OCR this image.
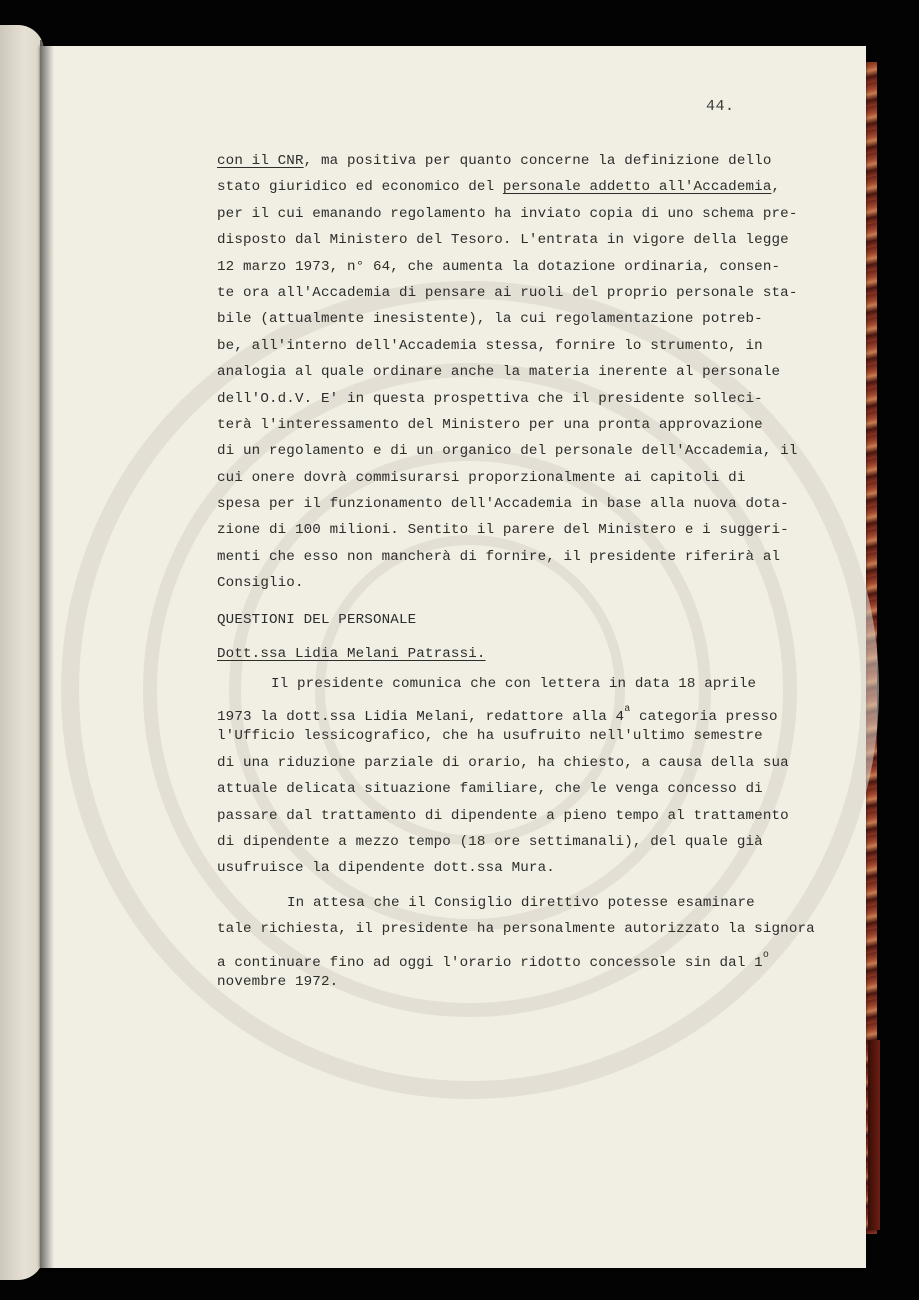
44.
con il CNR, ma positiva per quanto concerne la definizione dello
stato giuridico ed economico del personale addetto all'Accademia,
per il cui emanando regolamento ha inviato copia di uno schema pre-
disposto dal Ministero del Tesoro. L'entrata in vigore della legge
12 marzo 1973, n° 64, che aumenta la dotazione ordinaria, consen-
te ora all'Accademia di pensare ai ruoli del proprio personale sta-
bile (attualmente inesistente), la cui regolamentazione potreb-
be, all'interno dell'Accademia stessa, fornire lo strumento, in
analogia al quale ordinare anche la materia inerente al personale
dell'O.d.V. E' in questa prospettiva che il presidente solleci-
terà l'interessamento del Ministero per una pronta approvazione
di un regolamento e di un organico del personale dell'Accademia, il
cui onere dovrà commisurarsi proporzionalmente ai capitoli di
spesa per il funzionamento dell'Accademia in base alla nuova dota-
zione di 100 milioni. Sentito il parere del Ministero e i suggeri-
menti che esso non mancherà di fornire, il presidente riferirà al
Consiglio.
QUESTIONI DEL PERSONALE
Dott.ssa Lidia Melani Patrassi.
Il presidente comunica che con lettera in data 18 aprile
1973 la dott.ssa Lidia Melani, redattore alla 4$^a$ categoria presso
l'Ufficio lessicografico, che ha usufruito nell'ultimo semestre
di una riduzione parziale di orario, ha chiesto, a causa della sua
attuale delicata situazione familiare, che le venga concesso di
passare dal trattamento di dipendente a pieno tempo al trattamento
di dipendente a mezzo tempo (18 ore settimanali), del quale già
usufruisce la dipendente dott.ssa Mura.
In attesa che il Consiglio direttivo potesse esaminare
tale richiesta, il presidente ha personalmente autorizzato la signora
a continuare fino ad oggi l'orario ridotto concessole sin dal 1$^o$
novembre 1972.
